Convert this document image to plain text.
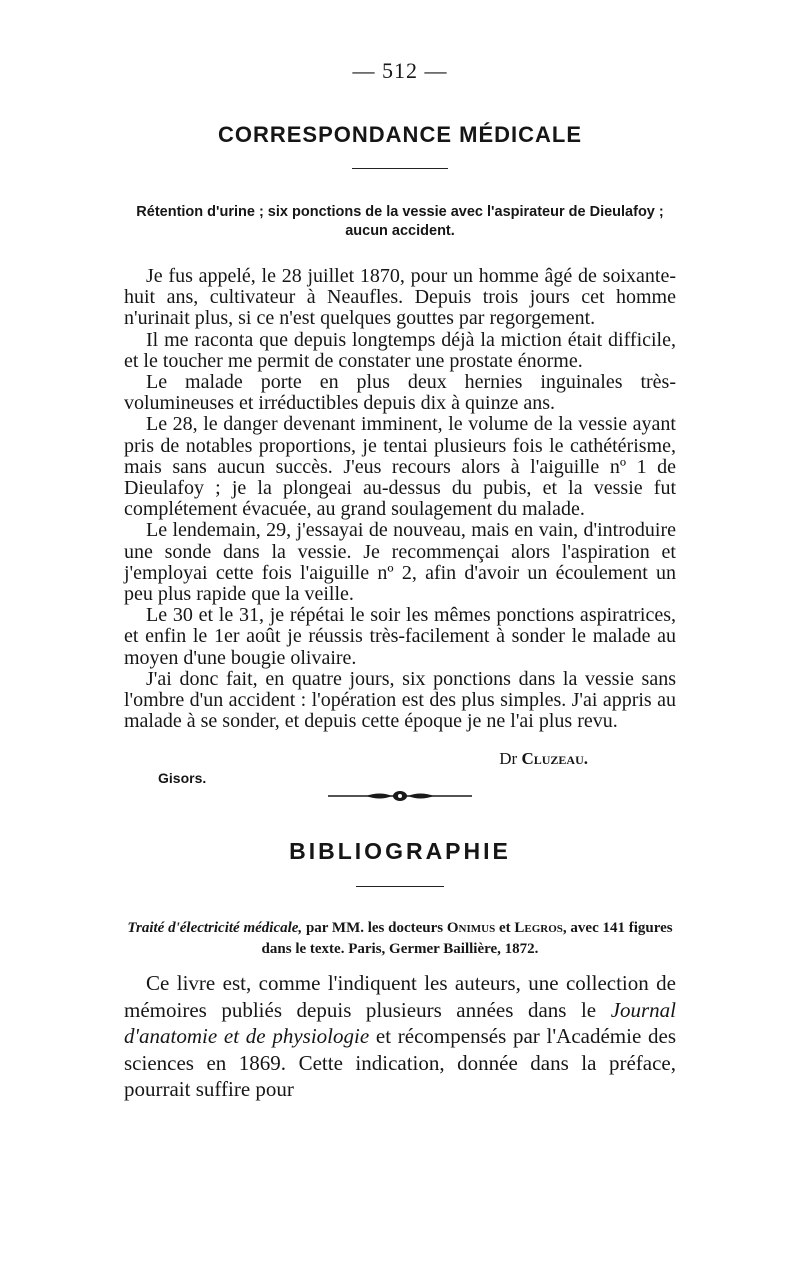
— 512 —
CORRESPONDANCE MÉDICALE
Rétention d'urine ; six ponctions de la vessie avec l'aspirateur de Dieulafoy ; aucun accident.

Je fus appelé, le 28 juillet 1870, pour un homme âgé de soixante-huit ans, cultivateur à Neaufles. Depuis trois jours cet homme n'urinait plus, si ce n'est quelques gouttes par regorgement.

Il me raconta que depuis longtemps déjà la miction était difficile, et le toucher me permit de constater une prostate énorme.

Le malade porte en plus deux hernies inguinales très-volumineuses et irréductibles depuis dix à quinze ans.

Le 28, le danger devenant imminent, le volume de la vessie ayant pris de notables proportions, je tentai plusieurs fois le cathétérisme, mais sans aucun succès. J'eus recours alors à l'aiguille nº 1 de Dieulafoy ; je la plongeai au-dessus du pubis, et la vessie fut complétement évacuée, au grand soulagement du malade.

Le lendemain, 29, j'essayai de nouveau, mais en vain, d'introduire une sonde dans la vessie. Je recommençai alors l'aspiration et j'employai cette fois l'aiguille nº 2, afin d'avoir un écoulement un peu plus rapide que la veille.

Le 30 et le 31, je répétai le soir les mêmes ponctions aspiratrices, et enfin le 1er août je réussis très-facilement à sonder le malade au moyen d'une bougie olivaire.

J'ai donc fait, en quatre jours, six ponctions dans la vessie sans l'ombre d'un accident : l'opération est des plus simples. J'ai appris au malade à se sonder, et depuis cette époque je ne l'ai plus revu.

Dr Cluzeau.
Gisors.
BIBLIOGRAPHIE
Traité d'électricité médicale, par MM. les docteurs Onimus et Legros, avec 141 figures dans le texte. Paris, Germer Baillière, 1872.

Ce livre est, comme l'indiquent les auteurs, une collection de mémoires publiés depuis plusieurs années dans le Journal d'anatomie et de physiologie et récompensés par l'Académie des sciences en 1869. Cette indication, donnée dans la préface, pourrait suffire pour
